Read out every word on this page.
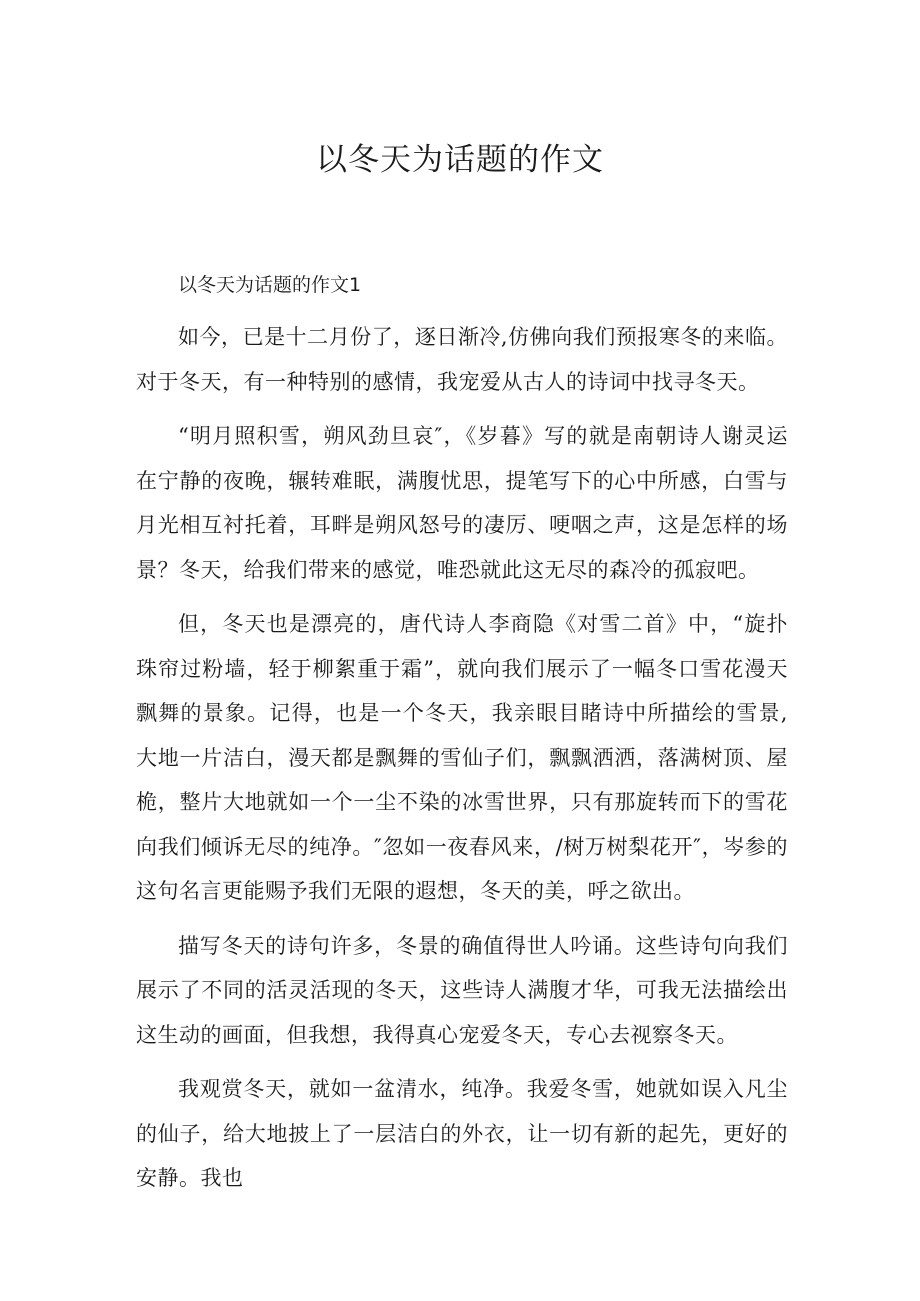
以冬天为话题的作文

以冬天为话题的作文1

如今，已是十二月份了，逐日渐冷,仿佛向我们预报寒冬的来临。对于冬天，有一种特别的感情，我宠爱从古人的诗词中找寻冬天。

“明月照积雪，朔风劲旦哀″，《岁暮》写的就是南朝诗人谢灵运在宁静的夜晚，辗转难眠，满腹忧思，提笔写下的心中所感，白雪与月光相互衬托着，耳畔是朔风怒号的凄厉、哽咽之声，这是怎样的场景？冬天，给我们带来的感觉，唯恐就此这无尽的森冷的孤寂吧。

但，冬天也是漂亮的，唐代诗人李商隐《对雪二首》中，“旋扑珠帘过粉墙，轻于柳絮重于霜”，就向我们展示了一幅冬口雪花漫天飘舞的景象。记得，也是一个冬天，我亲眼目睹诗中所描绘的雪景,大地一片洁白，漫天都是飘舞的雪仙子们，飘飘洒洒，落满树顶、屋桅，整片大地就如一个一尘不染的冰雪世界，只有那旋转而下的雪花向我们倾诉无尽的纯净。″忽如一夜春风来，/树万树梨花开″，岑参的这句名言更能赐予我们无限的遐想，冬天的美，呼之欲出。

描写冬天的诗句许多，冬景的确值得世人吟诵。这些诗句向我们展示了不同的活灵活现的冬天，这些诗人满腹才华，可我无法描绘出这生动的画面，但我想，我得真心宠爱冬天，专心去视察冬天。

我观赏冬天，就如一盆清水，纯净。我爱冬雪，她就如误入凡尘的仙子，给大地披上了一层洁白的外衣，让一切有新的起先，更好的安静。我也
